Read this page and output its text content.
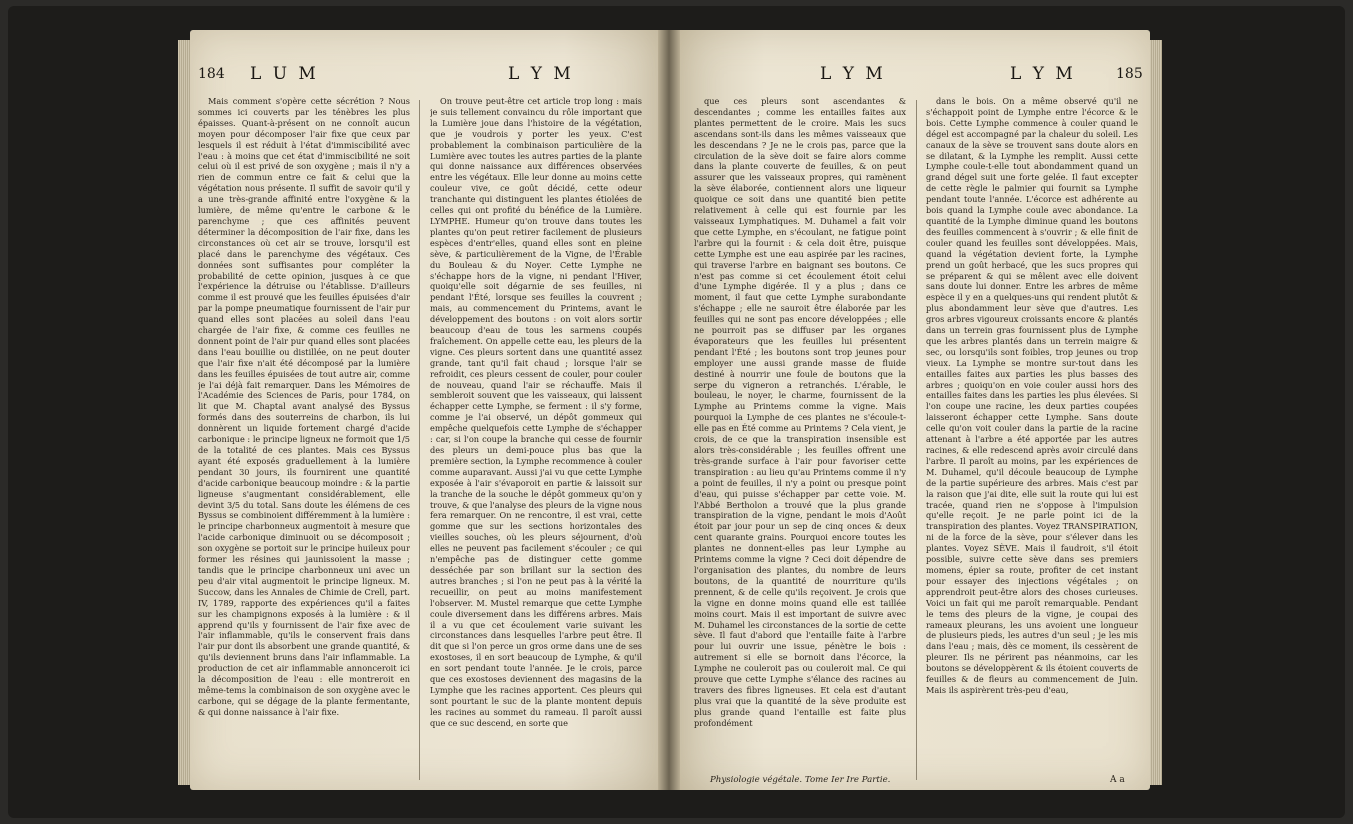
184 L U M	L Y M

Mais comment s'opère cette sécrétion ? Nous sommes ici couverts par les ténèbres les plus épaisses. Quant-à-présent on ne connoît aucun moyen pour décomposer l'air fixe que ceux par lesquels il est réduit à l'état d'immiscibilité avec l'eau : à moins que cet état d'immiscibilité ne soit celui où il est privé de son oxygène ; mais il n'y a rien de commun entre ce fait & celui que la végétation nous présente. Il suffit de savoir qu'il y a une très-grande affinité entre l'oxygène & la lumière, de même qu'entre le carbone & le parenchyme ; que ces affinités peuvent déterminer la décomposition de l'air fixe, dans les circonstances où cet air se trouve, lorsqu'il est placé dans le parenchyme des végétaux. Ces données sont suffisantes pour compléter la probabilité de cette opinion, jusques à ce que l'expérience la détruise ou l'établisse. D'ailleurs comme il est prouvé que les feuilles épuisées d'air par la pompe pneumatique fournissent de l'air pur quand elles sont placées au soleil dans l'eau chargée de l'air fixe, & comme ces feuilles ne donnent point de l'air pur quand elles sont placées dans l'eau bouillie ou distillée, on ne peut douter que l'air fixe n'ait été décomposé par la lumière dans les feuilles épuisées de tout autre air, comme je l'ai déjà fait remarquer. Dans les Mémoires de l'Académie des Sciences de Paris, pour 1784, on lit que M. Chaptal avant analysé des Byssus formés dans des souterreins de charbon, ils lui donnèrent un liquide fortement chargé d'acide carbonique : le principe ligneux ne formoit que 1/5 de la totalité de ces plantes. Mais ces Byssus ayant été exposés graduellement à la lumière pendant 30 jours, ils fournirent une quantité d'acide carbonique beaucoup moindre : & la partie ligneuse s'augmentant considérablement, elle devint 3/5 du total. Sans doute les élémens de ces Byssus se combinoient différemment à la lumière : le principe charbonneux augmentoit à mesure que l'acide carbonique diminuoit ou se décomposoit ; son oxygène se portoit sur le principe huileux pour former les résines qui jaunissoient la masse ; tandis que le principe charbonneux uni avec un peu d'air vital augmentoit le principe ligneux. M. Succow, dans les Annales de Chimie de Crell, part. IV, 1789, rapporte des expériences qu'il a faites sur les champignons exposés à la lumière : & il apprend qu'ils y fournissent de l'air fixe avec de l'air inflammable, qu'ils le conservent frais dans l'air pur dont ils absorbent une grande quantité, & qu'ils deviennent bruns dans l'air inflammable. La production de cet air inflammable annonceroit ici la décomposition de l'eau : elle montreroit en même-tems la combinaison de son oxygène avec le carbone, qui se dégage de la plante fermentante, & qui donne naissance à l'air fixe.

On trouve peut-être cet article trop long : mais je suis tellement convaincu du rôle important que la Lumière joue dans l'histoire de la végétation, que je voudrois y porter les yeux. C'est probablement la combinaison particulière de la Lumière avec toutes les autres parties de la plante qui donne naissance aux différences observées entre les végétaux. Elle leur donne au moins cette couleur vive, ce goût décidé, cette odeur tranchante qui distinguent les plantes étiolées de celles qui ont profité du bénéfice de la Lumière. LYMPHE. Humeur qu'on trouve dans toutes les plantes qu'on peut retirer facilement de plusieurs espèces d'entr'elles, quand elles sont en pleine sève, & particulièrement de la Vigne, de l'Érable du Bouleau & du Noyer. Cette Lymphe ne s'échappe hors de la vigne, ni pendant l'Hiver, quoiqu'elle soit dégarnie de ses feuilles, ni pendant l'Été, lorsque ses feuilles la couvrent ; mais, au commencement du Printems, avant le développement des boutons : on voit alors sortir beaucoup d'eau de tous les sarmens coupés fraîchement. On appelle cette eau, les pleurs de la vigne. Ces pleurs sortent dans une quantité assez grande, tant qu'il fait chaud ; lorsque l'air se refroidit, ces pleurs cessent de couler, pour couler de nouveau, quand l'air se réchauffe. Mais il sembleroit souvent que les vaisseaux, qui laissent échapper cette Lymphe, se ferment : il s'y forme, comme je l'ai observé, un dépôt gommeux qui empêche quelquefois cette Lymphe de s'échapper : car, si l'on coupe la branche qui cesse de fournir des pleurs un demi-pouce plus bas que la première section, la Lymphe recommence à couler comme auparavant. Aussi j'ai vu que cette Lymphe exposée à l'air s'évaporoit en partie & laissoit sur la tranche de la souche le dépôt gommeux qu'on y trouve, & que l'analyse des pleurs de la vigne nous fera remarquer. On ne rencontre, il est vrai, cette gomme que sur les sections horizontales des vieilles souches, où les pleurs séjournent, d'où elles ne peuvent pas facilement s'écouler ; ce qui n'empêche pas de distinguer cette gomme desséchée par son brillant sur la section des autres branches ; si l'on ne peut pas à la vérité la recueillir, on peut au moins manifestement l'observer. M. Mustel remarque que cette Lymphe coule diversement dans les différens arbres. Mais il a vu que cet écoulement varie suivant les circonstances dans lesquelles l'arbre peut être. Il dit que si l'on perce un gros orme dans une de ses exostoses, il en sort beaucoup de Lymphe, & qu'il en sort pendant toute l'année. Je le crois, parce que ces exostoses deviennent des magasins de la Lymphe que les racines apportent. Ces pleurs qui sont pourtant le suc de la plante montent depuis les racines au sommet du rameau. Il paroît aussi que ce suc descend, en sorte que

L Y M	L Y M	185

que ces pleurs sont ascendantes & descendantes ; comme les entailles faites aux plantes permettent de le croire. Mais les sucs ascendans sont-ils dans les mêmes vaisseaux que les descendans ? Je ne le crois pas, parce que la circulation de la sève doit se faire alors comme dans la plante couverte de feuilles, & on peut assurer que les vaisseaux propres, qui ramènent la sève élaborée, contiennent alors une liqueur quoique ce soit dans une quantité bien petite relativement à celle qui est fournie par les vaisseaux Lymphatiques. M. Duhamel a fait voir que cette Lymphe, en s'écoulant, ne fatigue point l'arbre qui la fournit : & cela doit être, puisque cette Lymphe est une eau aspirée par les racines, qui traverse l'arbre en baignant ses boutons. Ce n'est pas comme si cet écoulement étoit celui d'une Lymphe digérée. Il y a plus ; dans ce moment, il faut que cette Lymphe surabondante s'échappe ; elle ne sauroit être élaborée par les feuilles qui ne sont pas encore développées ; elle ne pourroit pas se diffuser par les organes évaporateurs que les feuilles lui présentent pendant l'Été ; les boutons sont trop jeunes pour employer une aussi grande masse de fluide destiné à nourrir une foule de boutons que la serpe du vigneron a retranchés. L'érable, le bouleau, le noyer, le charme, fournissent de la Lymphe au Printems comme la vigne. Mais pourquoi la Lymphe de ces plantes ne s'écoule-t-elle pas en Été comme au Printems ? Cela vient, je crois, de ce que la transpiration insensible est alors très-considérable ; les feuilles offrent une très-grande surface à l'air pour favoriser cette transpiration : au lieu qu'au Printems comme il n'y a point de feuilles, il n'y a point ou presque point d'eau, qui puisse s'échapper par cette voie. M. l'Abbé Bertholon a trouvé que la plus grande transpiration de la vigne, pendant le mois d'Août étoit par jour pour un sep de cinq onces & deux cent quarante grains. Pourquoi encore toutes les plantes ne donnent-elles pas leur Lymphe au Printems comme la vigne ? Ceci doit dépendre de l'organisation des plantes, du nombre de leurs boutons, de la quantité de nourriture qu'ils prennent, & de celle qu'ils reçoivent. Je crois que la vigne en donne moins quand elle est taillée moins court. Mais il est important de suivre avec M. Duhamel les circonstances de la sortie de cette sève. Il faut d'abord que l'entaille faite à l'arbre pour lui ouvrir une issue, pénètre le bois : autrement si elle se bornoit dans l'écorce, la Lymphe ne couleroit pas ou couleroit mal. Ce qui prouve que cette Lymphe s'élance des racines au travers des fibres ligneuses. Et cela est d'autant plus vrai que la quantité de la sève produite est plus grande quand l'entaille est faite plus profondément

dans le bois. On a même observé qu'il ne s'échappoit point de Lymphe entre l'écorce & le bois. Cette Lymphe commence à couler quand le dégel est accompagné par la chaleur du soleil. Les canaux de la sève se trouvent sans doute alors en se dilatant, & la Lymphe les remplit. Aussi cette Lymphe coule-t-elle tout abondamment quand un grand dégel suit une forte gelée. Il faut excepter de cette règle le palmier qui fournit sa Lymphe pendant toute l'année. L'écorce est adhérente au bois quand la Lymphe coule avec abondance. La quantité de la Lymphe diminue quand les boutons des feuilles commencent à s'ouvrir ; & elle finit de couler quand les feuilles sont développées. Mais, quand la végétation devient forte, la Lymphe prend un goût herbacé, que les sucs propres qui se préparent & qui se mêlent avec elle doivent sans doute lui donner. Entre les arbres de même espèce il y en a quelques-uns qui rendent plutôt & plus abondamment leur sève que d'autres. Les gros arbres vigoureux croissants encore & plantés dans un terrein gras fournissent plus de Lymphe que les arbres plantés dans un terrein maigre & sec, ou lorsqu'ils sont foibles, trop jeunes ou trop vieux. La Lymphe se montre sur-tout dans les entailles faites aux parties les plus basses des arbres ; quoiqu'on en voie couler aussi hors des entailles faites dans les parties les plus élevées. Si l'on coupe une racine, les deux parties coupées laisseront échapper cette Lymphe. Sans doute celle qu'on voit couler dans la partie de la racine attenant à l'arbre a été apportée par les autres racines, & elle redescend après avoir circulé dans l'arbre. Il paroît au moins, par les expériences de M. Duhamel, qu'il découle beaucoup de Lymphe de la partie supérieure des arbres. Mais c'est par la raison que j'ai dite, elle suit la route qui lui est tracée, quand rien ne s'oppose à l'impulsion qu'elle reçoit. Je ne parle point ici de la transpiration des plantes. Voyez TRANSPIRATION, ni de la force de la sève, pour s'élever dans les plantes. Voyez SÈVE. Mais il faudroit, s'il étoit possible, suivre cette sève dans ses premiers momens, épier sa route, profiter de cet instant pour essayer des injections végétales ; on apprendroit peut-être alors des choses curieuses. Voici un fait qui me paroît remarquable. Pendant le tems des pleurs de la vigne, je coupai des rameaux pleurans, les uns avoient une longueur de plusieurs pieds, les autres d'un seul ; je les mis dans l'eau ; mais, dès ce moment, ils cessèrent de pleurer. Ils ne périrent pas néanmoins, car les boutons se développèrent & ils étoient couverts de feuilles & de fleurs au commencement de Juin. Mais ils aspirèrent très-peu d'eau,

Physiologie végétale. Tome Ier Ire Partie.	A a
